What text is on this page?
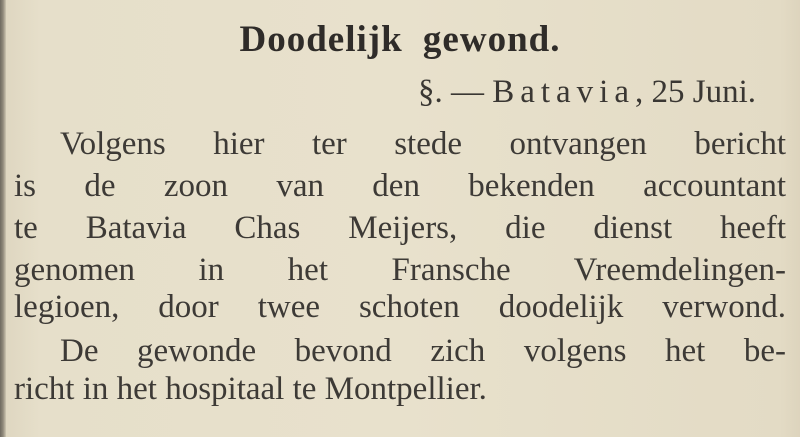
Doodelijk gewond.
§. — Batavia, 25 Juni.
Volgens hier ter stede ontvangen bericht
is de zoon van den bekenden accountant
te Batavia Chas Meijers, die dienst heeft
genomen in het Fransche Vreemdelingen-
legioen, door twee schoten doodelijk verwond.
De gewonde bevond zich volgens het be-
richt in het hospitaal te Montpellier.
